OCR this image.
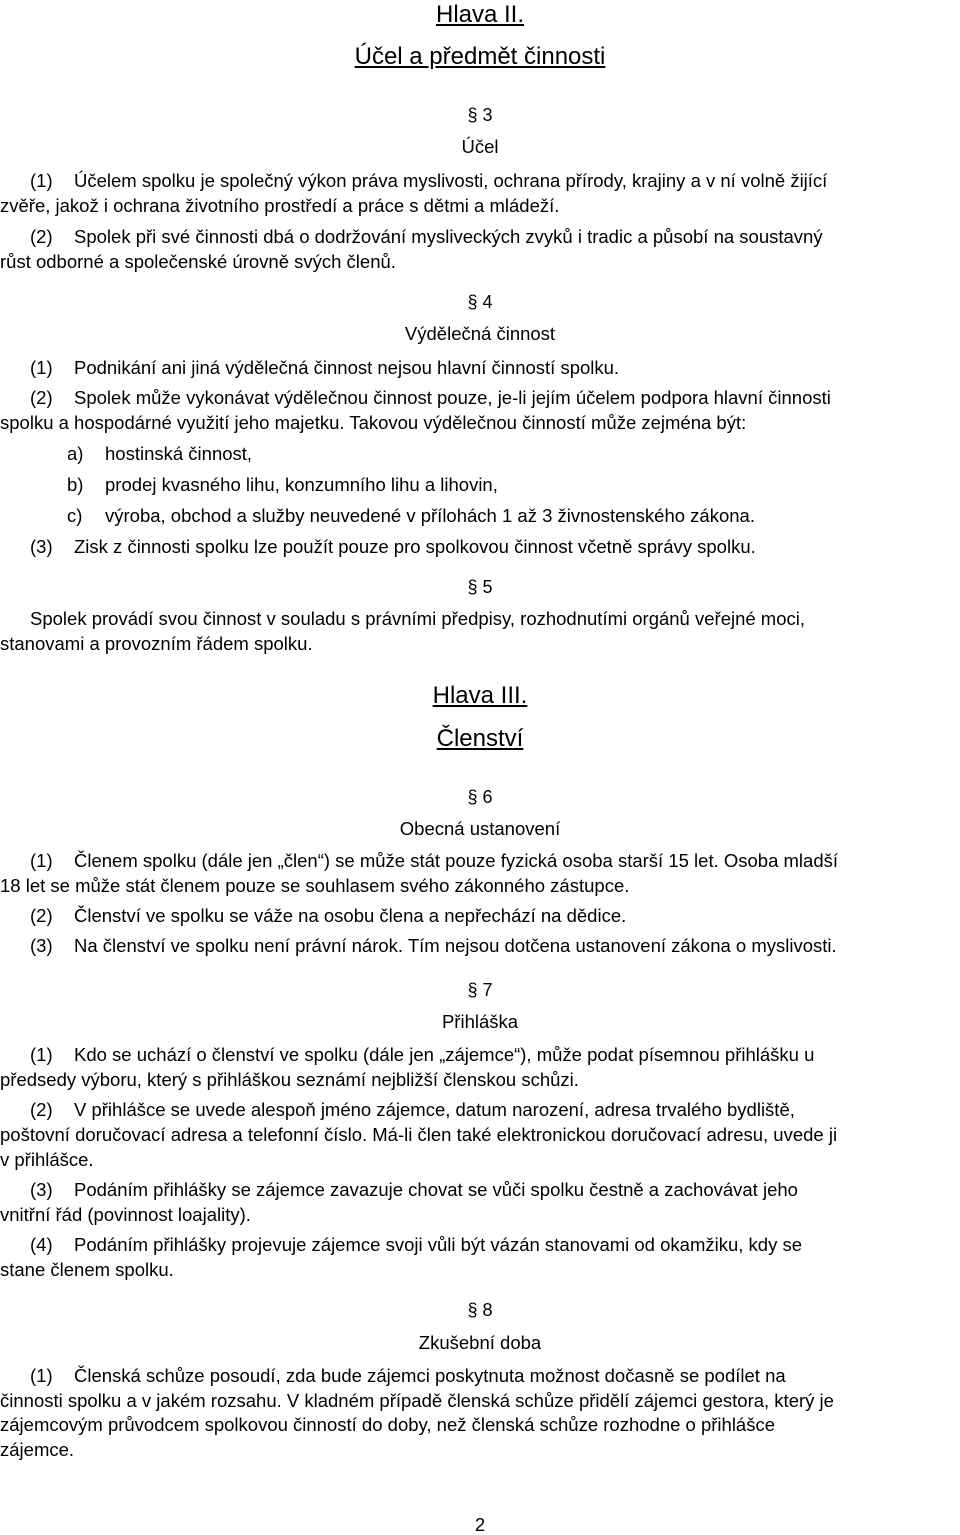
Hlava II.
Účel a předmět činnosti
§ 3
Účel
(1) Účelem spolku je společný výkon práva myslivosti, ochrana přírody, krajiny a v ní volně žijící
zvěře, jakož i ochrana životního prostředí a práce s dětmi a mládeží.
(2) Spolek při své činnosti dbá o dodržování mysliveckých zvyků i tradic a působí na soustavný
růst odborné a společenské úrovně svých členů.
§ 4
Výdělečná činnost
(1) Podnikání ani jiná výdělečná činnost nejsou hlavní činností spolku.
(2) Spolek může vykonávat výdělečnou činnost pouze, je-li jejím účelem podpora hlavní činnosti
spolku a hospodárné využití jeho majetku. Takovou výdělečnou činností může zejména být:
a) hostinská činnost,
b) prodej kvasného lihu, konzumního lihu a lihovin,
c) výroba, obchod a služby neuvedené v přílohách 1 až 3 živnostenského zákona.
(3) Zisk z činnosti spolku lze použít pouze pro spolkovou činnost včetně správy spolku.
§ 5
Spolek provádí svou činnost v souladu s právními předpisy, rozhodnutími orgánů veřejné moci,
stanovami a provozním řádem spolku.
Hlava III.
Členství
§ 6
Obecná ustanovení
(1) Členem spolku (dále jen „člen“) se může stát pouze fyzická osoba starší 15 let. Osoba mladší
18 let se může stát členem pouze se souhlasem svého zákonného zástupce.
(2) Členství ve spolku se váže na osobu člena a nepřechází na dědice.
(3) Na členství ve spolku není právní nárok. Tím nejsou dotčena ustanovení zákona o myslivosti.
§ 7
Přihláška
(1) Kdo se uchází o členství ve spolku (dále jen „zájemce“), může podat písemnou přihlášku u
předsedy výboru, který s přihláškou seznámí nejbližší členskou schůzi.
(2) V přihlášce se uvede alespoň jméno zájemce, datum narození, adresa trvalého bydliště,
poštovní doručovací adresa a telefonní číslo. Má-li člen také elektronickou doručovací adresu, uvede ji
v přihlášce.
(3) Podáním přihlášky se zájemce zavazuje chovat se vůči spolku čestně a zachovávat jeho
vnitřní řád (povinnost loajality).
(4) Podáním přihlášky projevuje zájemce svoji vůli být vázán stanovami od okamžiku, kdy se
stane členem spolku.
§ 8
Zkušební doba
(1) Členská schůze posoudí, zda bude zájemci poskytnuta možnost dočasně se podílet na
činnosti spolku a v jakém rozsahu. V kladném případě členská schůze přidělí zájemci gestora, který je
zájemcovým průvodcem spolkovou činností do doby, než členská schůze rozhodne o přihlášce
zájemce.
2
